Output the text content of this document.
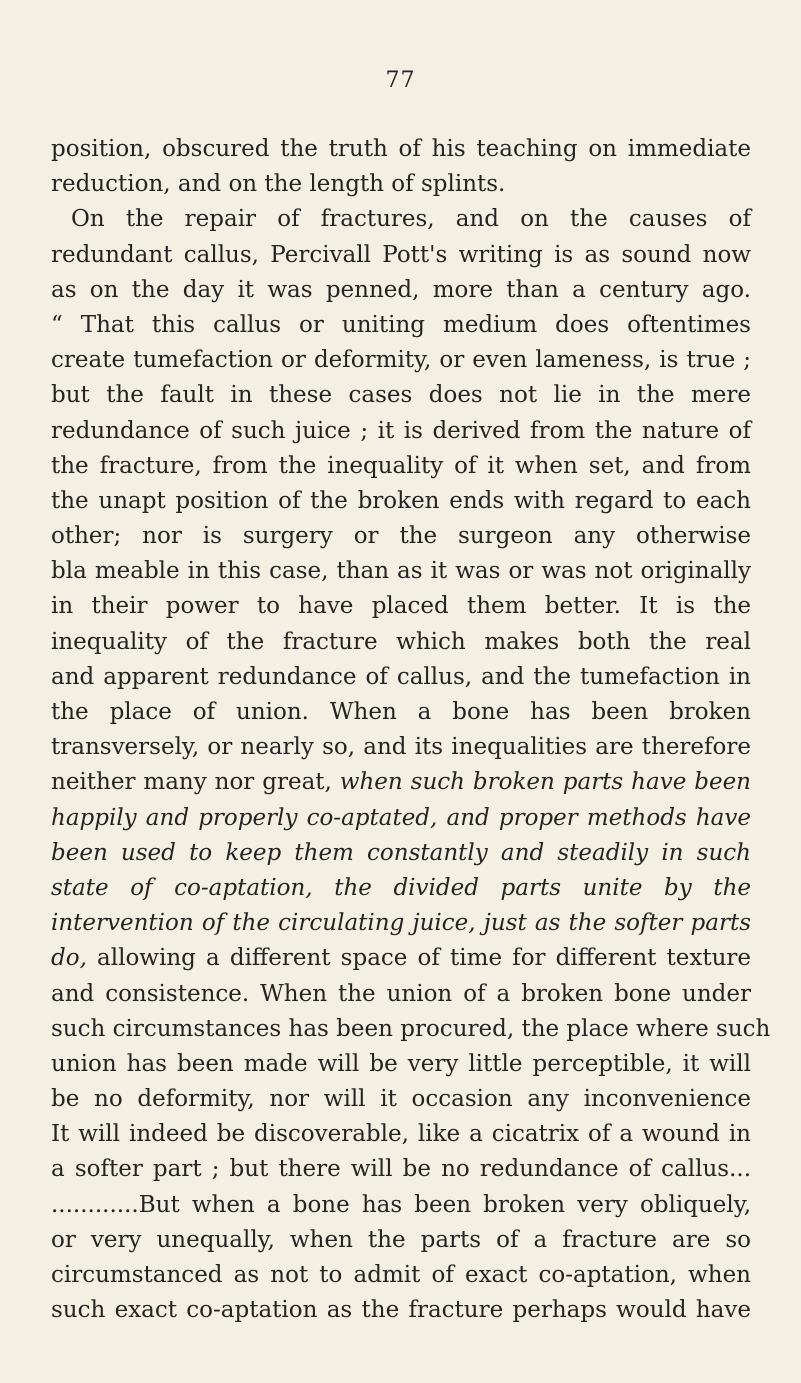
77
position, obscured the truth of his teaching on immediate
reduction, and on the length of splints.
On the repair of fractures, and on the causes of
redundant callus, Percivall Pott's writing is as sound now
as on the day it was penned, more than a century ago.
“ That this callus or uniting medium does oftentimes
create tumefaction or deformity, or even lameness, is true ;
but the fault in these cases does not lie in the mere
redundance of such juice ; it is derived from the nature of
the fracture, from the inequality of it when set, and from
the unapt position of the broken ends with regard to each
other; nor is surgery or the surgeon any otherwise
bla meable in this case, than as it was or was not originally
in their power to have placed them better. It is the
inequality of the fracture which makes both the real
and apparent redundance of callus, and the tumefaction in
the place of union. When a bone has been broken
transversely, or nearly so, and its inequalities are therefore
neither many nor great, when such broken parts have been
happily and properly co-aptated, and proper methods have
been used to keep them constantly and steadily in such
state of co-aptation, the divided parts unite by the
intervention of the circulating juice, just as the softer parts
do, allowing a different space of time for different texture
and consistence. When the union of a broken bone under
such circumstances has been procured, the place where such
union has been made will be very little perceptible, it will
be no deformity, nor will it occasion any inconvenience
It will indeed be discoverable, like a cicatrix of a wound in
a softer part ; but there will be no redundance of callus...
............But when a bone has been broken very obliquely,
or very unequally, when the parts of a fracture are so
circumstanced as not to admit of exact co-aptation, when
such exact co-aptation as the fracture perhaps would have
